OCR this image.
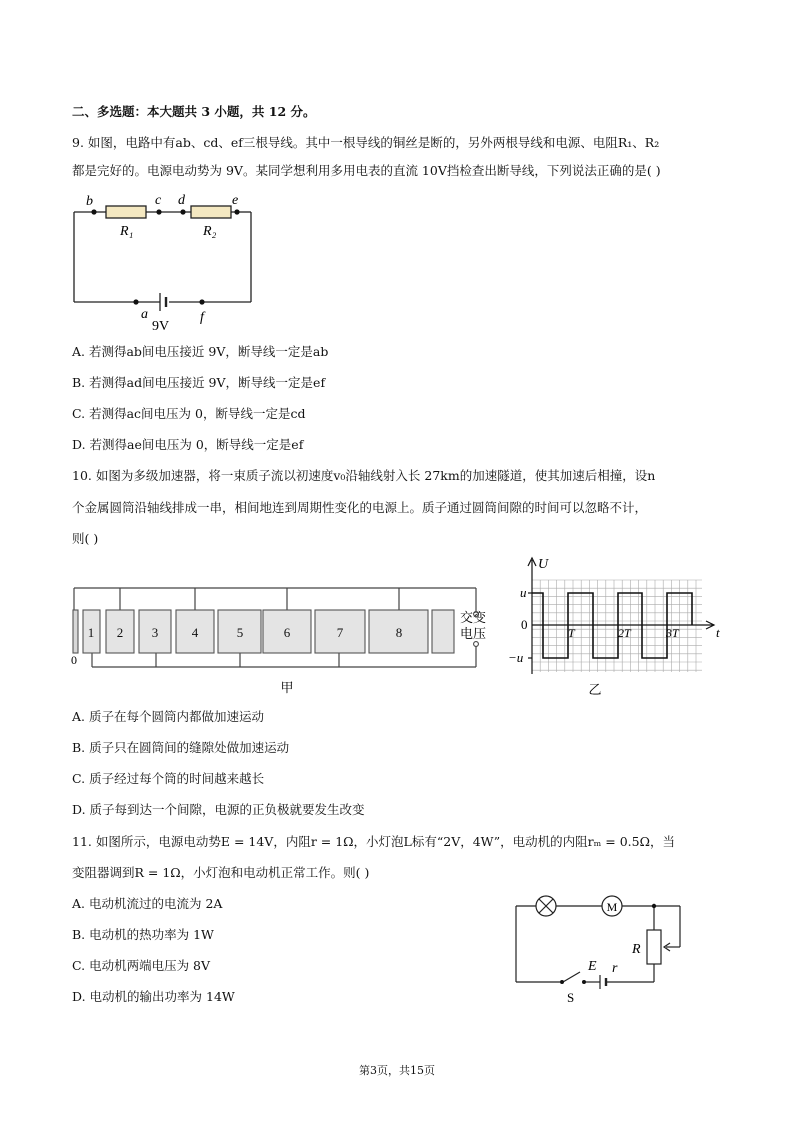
二、多选题：本大题共 3 小题，共 12 分。
9. 如图，电路中有ab、cd、ef三根导线。其中一根导线的铜丝是断的，另外两根导线和电源、电阻R₁、R₂
都是完好的。电源电动势为 9V。某同学想利用多用电表的直流 10V挡检查出断导线，下列说法正确的是( )
b	c d	e
R₁	R₂
a
9V
f
A. 若测得ab间电压接近 9V，断导线一定是ab
B. 若测得ad间电压接近 9V，断导线一定是ef
C. 若测得ac间电压为 0，断导线一定是cd
D. 若测得ae间电压为 0，断导线一定是ef
10. 如图为多级加速器，将一束质子流以初速度v₀沿轴线射入长 27km的加速隧道，使其加速后相撞，设n
个金属圆筒沿轴线排成一串，相间地连到周期性变化的电源上。质子通过圆筒间隙的时间可以忽略不计，
则( )
1 2 3	4	5	6	7	8
0
交变
电压
甲
U
t
u
0
−u
T	2T	3T
乙
A. 质子在每个圆筒内都做加速运动
B. 质子只在圆筒间的缝隙处做加速运动
C. 质子经过每个筒的时间越来越长
D. 质子每到达一个间隙，电源的正负极就要发生改变
11. 如图所示，电源电动势E = 14V，内阻r = 1Ω，小灯泡L标有“2V，4W”，电动机的内阻rₘ = 0.5Ω，当
变阻器调到R = 1Ω，小灯泡和电动机正常工作。则( )
A. 电动机流过的电流为 2A
B. 电动机的热功率为 1W
C. 电动机两端电压为 8V
D. 电动机的输出功率为 14W
M
R
E r
S
第3页，共15页
